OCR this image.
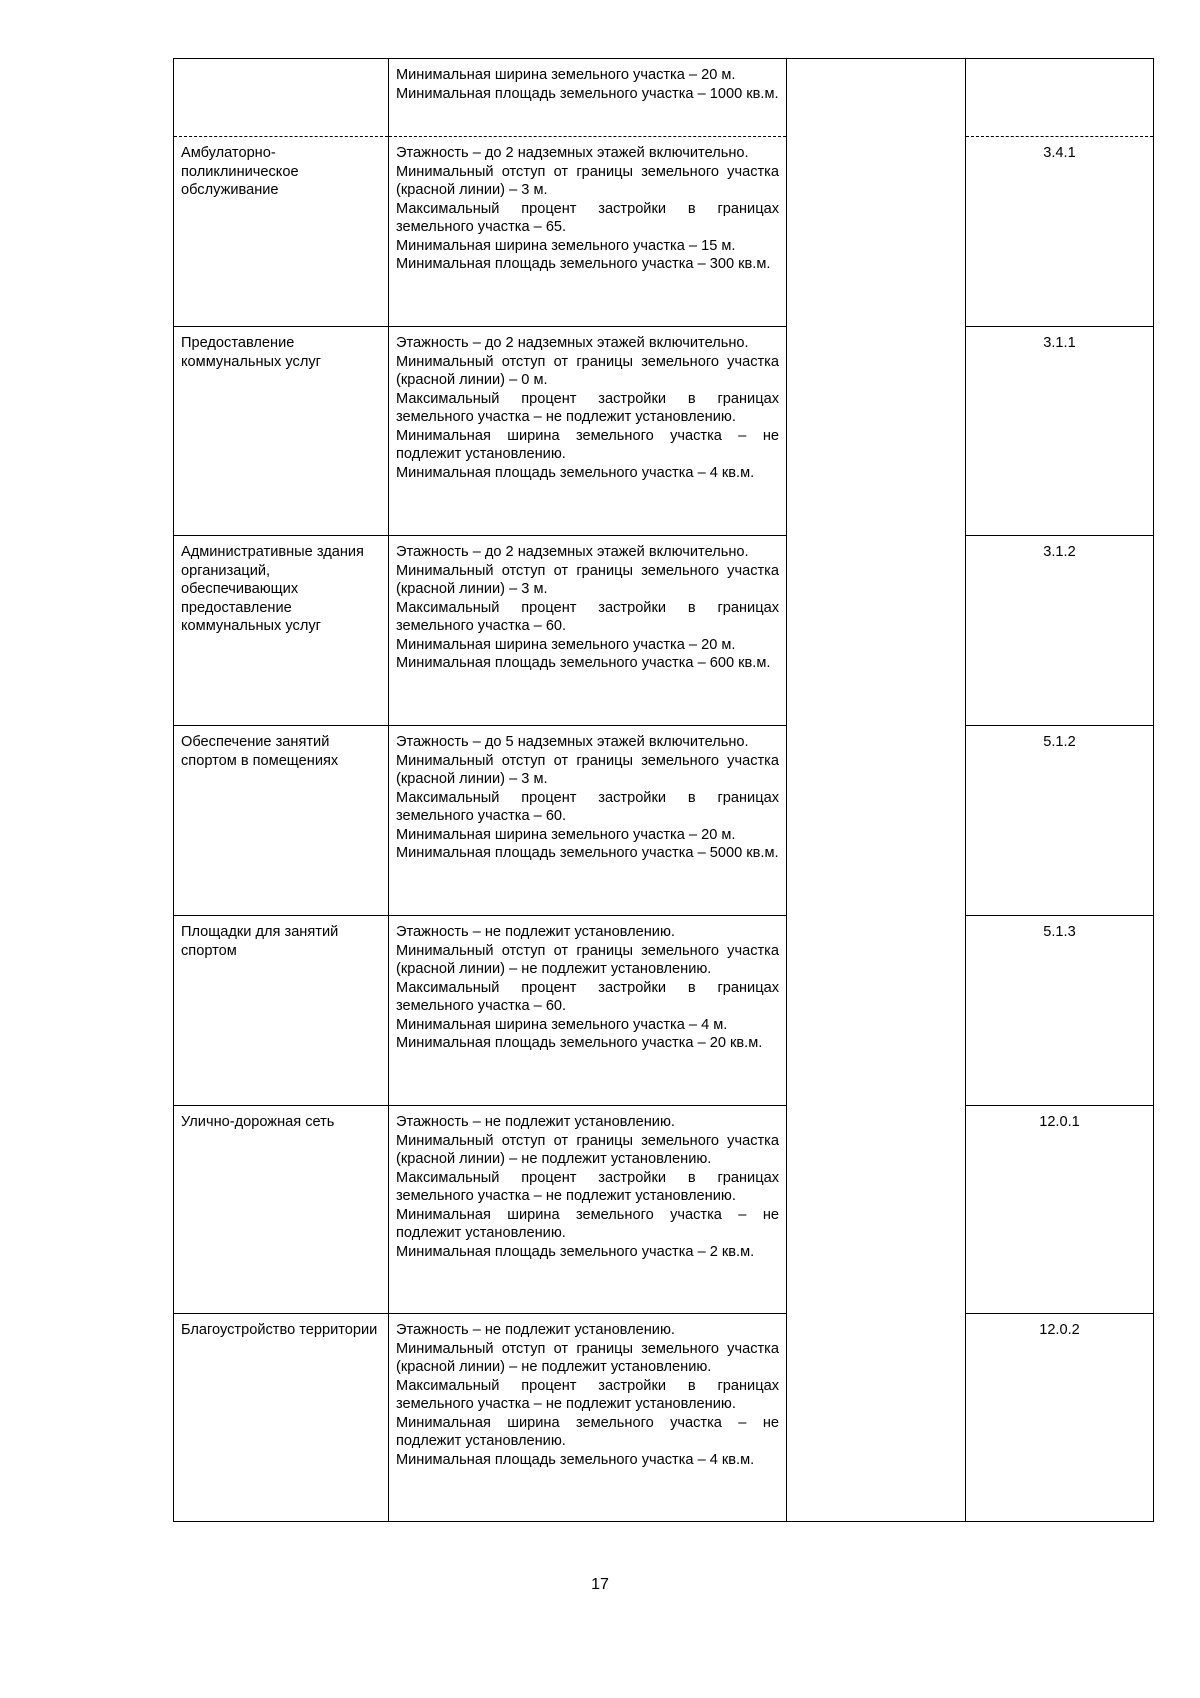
	Минимальная ширина земельного участка – 20 м.
Минимальная площадь земельного участка – 1000 кв.м.		

Амбулаторно-поликлиническое обслуживание	Этажность – до 2 надземных этажей включительно.
Минимальный отступ от границы земельного участка (красной линии) – 3 м.
Максимальный процент застройки в границах земельного участка – 65.
Минимальная ширина земельного участка – 15 м.
Минимальная площадь земельного участка – 300 кв.м.		3.4.1
Предоставление коммунальных услуг	Этажность – до 2 надземных этажей включительно.
Минимальный отступ от границы земельного участка (красной линии) – 0 м.
Максимальный процент застройки в границах земельного участка – не подлежит установлению.
Минимальная ширина земельного участка – не подлежит установлению.
Минимальная площадь земельного участка – 4 кв.м.		3.1.1
Административные здания организаций, обеспечивающих предоставление коммунальных услуг	Этажность – до 2 надземных этажей включительно.
Минимальный отступ от границы земельного участка (красной линии) – 3 м.
Максимальный процент застройки в границах земельного участка – 60.
Минимальная ширина земельного участка – 20 м.
Минимальная площадь земельного участка – 600 кв.м.		3.1.2
Обеспечение занятий спортом в помещениях	Этажность – до 5 надземных этажей включительно.
Минимальный отступ от границы земельного участка (красной линии) – 3 м.
Максимальный процент застройки в границах земельного участка – 60.
Минимальная ширина земельного участка – 20 м.
Минимальная площадь земельного участка – 5000 кв.м.		5.1.2
Площадки для занятий спортом	Этажность – не подлежит установлению.
Минимальный отступ от границы земельного участка (красной линии) – не подлежит установлению.
Максимальный процент застройки в границах земельного участка – 60.
Минимальная ширина земельного участка – 4 м.
Минимальная площадь земельного участка – 20 кв.м.		5.1.3
Улично-дорожная сеть	Этажность – не подлежит установлению.
Минимальный отступ от границы земельного участка (красной линии) – не подлежит установлению.
Максимальный процент застройки в границах земельного участка – не подлежит установлению.
Минимальная ширина земельного участка – не подлежит установлению.
Минимальная площадь земельного участка – 2 кв.м.		12.0.1
Благоустройство территории	Этажность – не подлежит установлению.
Минимальный отступ от границы земельного участка (красной линии) – не подлежит установлению.
Максимальный процент застройки в границах земельного участка – не подлежит установлению.
Минимальная ширина земельного участка – не подлежит установлению.
Минимальная площадь земельного участка – 4 кв.м.		12.0.2
17
